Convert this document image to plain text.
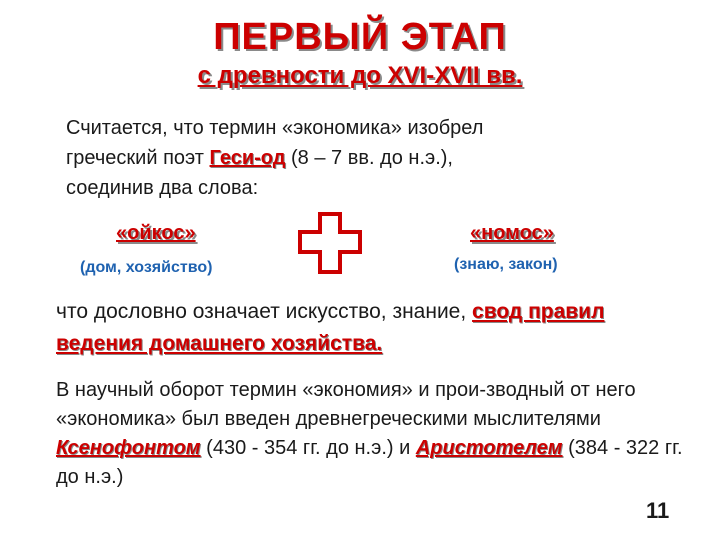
ПЕРВЫЙ ЭТАП
с древности до XVI-XVII вв.
Считается, что термин «экономика» изобрел
греческий поэт Геси-од (8 – 7 вв. до н.э.),
соединив два слова:
«ойкос»
(дом, хозяйство)
«номос»
(знаю, закон)
что дословно означает искусство, знание, свод правил ведения домашнего хозяйства.
В научный оборот термин «экономия» и прои-зводный от него «экономика» был введен древнегреческими мыслителями Ксенофонтом (430 - 354 гг. до н.э.) и Аристотелем (384 - 322 гг. до н.э.)
11
